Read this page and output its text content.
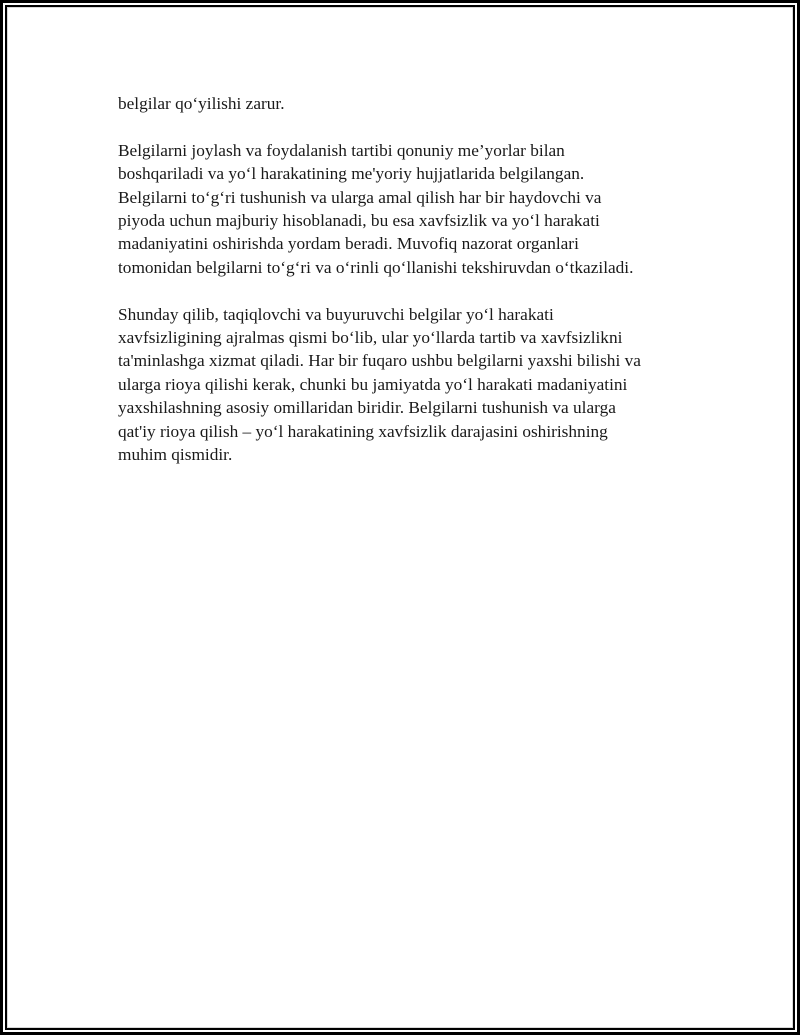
belgilar qo‘yilishi zarur.

Belgilarni joylash va foydalanish tartibi qonuniy me’yorlar bilan
boshqariladi va yo‘l harakatining me'yoriy hujjatlarida belgilangan.
Belgilarni to‘g‘ri tushunish va ularga amal qilish har bir haydovchi va
piyoda uchun majburiy hisoblanadi, bu esa xavfsizlik va yo‘l harakati
madaniyatini oshirishda yordam beradi. Muvofiq nazorat organlari
tomonidan belgilarni to‘g‘ri va o‘rinli qo‘llanishi tekshiruvdan o‘tkaziladi.

Shunday qilib, taqiqlovchi va buyuruvchi belgilar yo‘l harakati
xavfsizligining ajralmas qismi bo‘lib, ular yo‘llarda tartib va xavfsizlikni
ta'minlashga xizmat qiladi. Har bir fuqaro ushbu belgilarni yaxshi bilishi va
ularga rioya qilishi kerak, chunki bu jamiyatda yo‘l harakati madaniyatini
yaxshilashning asosiy omillaridan biridir. Belgilarni tushunish va ularga
qat'iy rioya qilish – yo‘l harakatining xavfsizlik darajasini oshirishning
muhim qismidir.
